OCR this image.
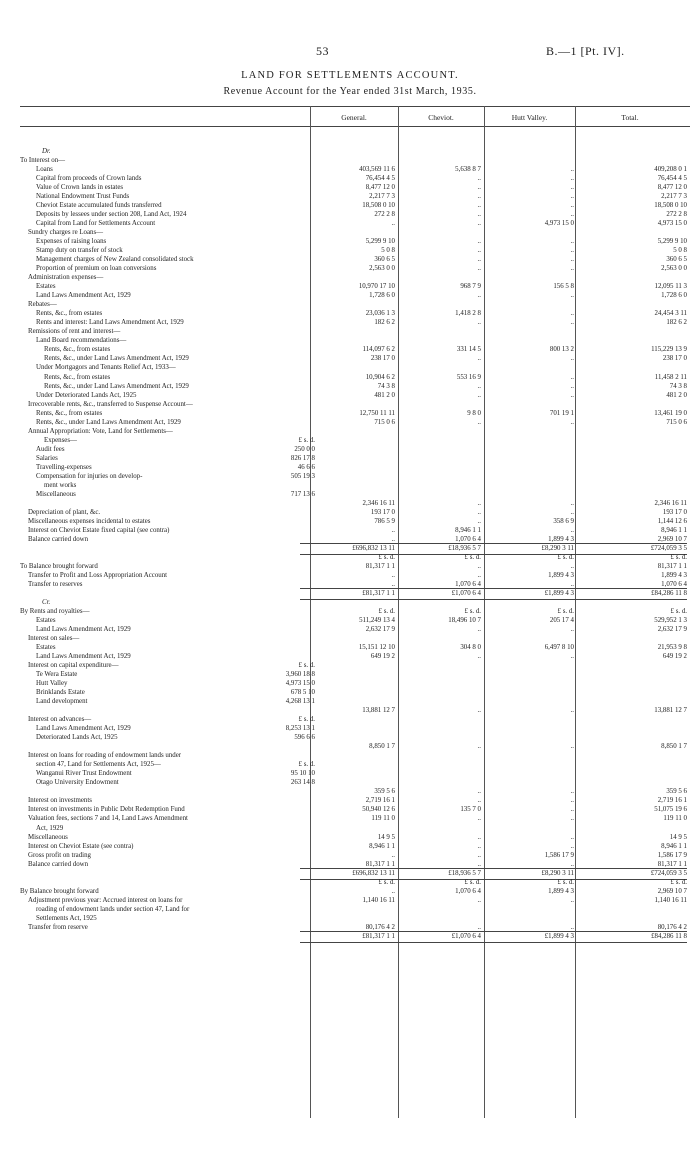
53	B.—1 [Pt. IV].
LAND FOR SETTLEMENTS ACCOUNT.
Revenue Account for the Year ended 31st March, 1935.
General.	Cheviot.	Hutt Valley.	Total.
Dr.
To Interest on—
Loans	403,569 11 6	5,638 8 7	..	409,208 0 1
Capital from proceeds of Crown lands	76,454 4 5	..	..	76,454 4 5
Value of Crown lands in estates	8,477 12 0	..	..	8,477 12 0
National Endowment Trust Funds	2,217 7 3	..	..	2,217 7 3
Cheviot Estate accumulated funds transferred	18,508 0 10	..	..	18,508 0 10
Deposits by lessees under section 208, Land Act, 1924	272 2 8	..	..	272 2 8
Capital from Land for Settlements Account	..	..	4,973 15 0	4,973 15 0
Sundry charges re Loans—
Expenses of raising loans	5,299 9 10	..	..	5,299 9 10
Stamp duty on transfer of stock	5 0 8	..	..	5 0 8
Management charges of New Zealand consolidated stock	360 6 5	..	..	360 6 5
Proportion of premium on loan conversions	2,563 0 0	..	..	2,563 0 0
Administration expenses—
Estates	10,970 17 10	968 7 9	156 5 8	12,095 11 3
Land Laws Amendment Act, 1929	1,728 6 0	..	..	1,728 6 0
Rebates—
Rents, &c., from estates	23,036 1 3	1,418 2 8	..	24,454 3 11
Rents and interest: Land Laws Amendment Act, 1929	182 6 2	..	..	182 6 2
Remissions of rent and interest—
Land Board recommendations—
Rents, &c., from estates	114,097 6 2	331 14 5	800 13 2	115,229 13 9
Rents, &c., under Land Laws Amendment Act, 1929	238 17 0	..	..	238 17 0
Under Mortgagors and Tenants Relief Act, 1933—
Rents, &c., from estates	10,904 6 2	553 16 9	..	11,458 2 11
Rents, &c., under Land Laws Amendment Act, 1929	74 3 8	..	..	74 3 8
Under Deteriorated Lands Act, 1925	481 2 0	..	..	481 2 0
Irrecoverable rents, &c., transferred to Suspense Account—
Rents, &c., from estates	12,750 11 11	9 8 0	701 19 1	13,461 19 0
Rents, &c., under Land Laws Amendment Act, 1929	715 0 6	..	..	715 0 6
Annual Appropriation: Vote, Land for Settlements—
Expenses—	£ s. d.
Audit fees	250 0 0
Salaries	826 17 8
Travelling-expenses	46 6 6
Compensation for injuries on develop-	505 19 3
ment works
Miscellaneous	717 13 6
2,346 16 11	..	..	2,346 16 11
Depreciation of plant, &c.	193 17 0	..	..	193 17 0
Miscellaneous expenses incidental to estates	786 5 9	..	358 6 9	1,144 12 6
Interest on Cheviot Estate fixed capital (see contra)	..	8,946 1 1	..	8,946 1 1
Balance carried down	..	1,070 6 4	1,899 4 3	2,969 10 7
£696,832 13 11	£18,936 5 7	£8,290 3 11	£724,059 3 5
£ s. d.	£ s. d.	£ s. d.	£ s. d.
To Balance brought forward	81,317 1 1	..	..	81,317 1 1
Transfer to Profit and Loss Appropriation Account	..	..	1,899 4 3	1,899 4 3
Transfer to reserves	..	1,070 6 4	..	1,070 6 4
£81,317 1 1	£1,070 6 4	£1,899 4 3	£84,286 11 8
Cr.
By Rents and royalties—	£ s. d.	£ s. d.	£ s. d.	£ s. d.
Estates	511,249 13 4	18,496 10 7	205 17 4	529,952 1 3
Land Laws Amendment Act, 1929	2,632 17 9	..	..	2,632 17 9
Interest on sales—
Estates	15,151 12 10	304 8 0	6,497 8 10	21,953 9 8
Land Laws Amendment Act, 1929	649 19 2	..	..	649 19 2
Interest on capital expenditure—	£ s. d.
Te Wera Estate	3,960 18 8
Hutt Valley	4,973 15 0
Brinklands Estate	678 5 10
Land development	4,268 13 1
13,881 12 7	..	..	13,881 12 7
Interest on advances—	£ s. d.
Land Laws Amendment Act, 1929	8,253 13 1
Deteriorated Lands Act, 1925	596 6 6
8,850 1 7	..	..	8,850 1 7
Interest on loans for roading of endowment lands under
section 47, Land for Settlements Act, 1925—	£ s. d.
Wanganui River Trust Endowment	95 10 10
Otago University Endowment	263 14 8
359 5 6	..	..	359 5 6
Interest on investments	2,719 16 1	..	..	2,719 16 1
Interest on investments in Public Debt Redemption Fund	50,940 12 6	135 7 0	..	51,075 19 6
Valuation fees, sections 7 and 14, Land Laws Amendment	119 11 0	..	..	119 11 0
Act, 1929
Miscellaneous	14 9 5	..	..	14 9 5
Interest on Cheviot Estate (see contra)	8,946 1 1	..	..	8,946 1 1
Gross profit on trading	..	..	1,586 17 9	1,586 17 9
Balance carried down	81,317 1 1	..	..	81,317 1 1
£696,832 13 11	£18,936 5 7	£8,290 3 11	£724,059 3 5
£ s. d.	£ s. d.	£ s. d.	£ s. d.
By Balance brought forward	..	1,070 6 4	1,899 4 3	2,969 10 7
Adjustment previous year: Accrued interest on loans for	1,140 16 11	..	..	1,140 16 11
roading of endowment lands under section 47, Land for
Settlements Act, 1925
Transfer from reserve	80,176 4 2	..	..	80,176 4 2
£81,317 1 1	£1,070 6 4	£1,899 4 3	£84,286 11 8
